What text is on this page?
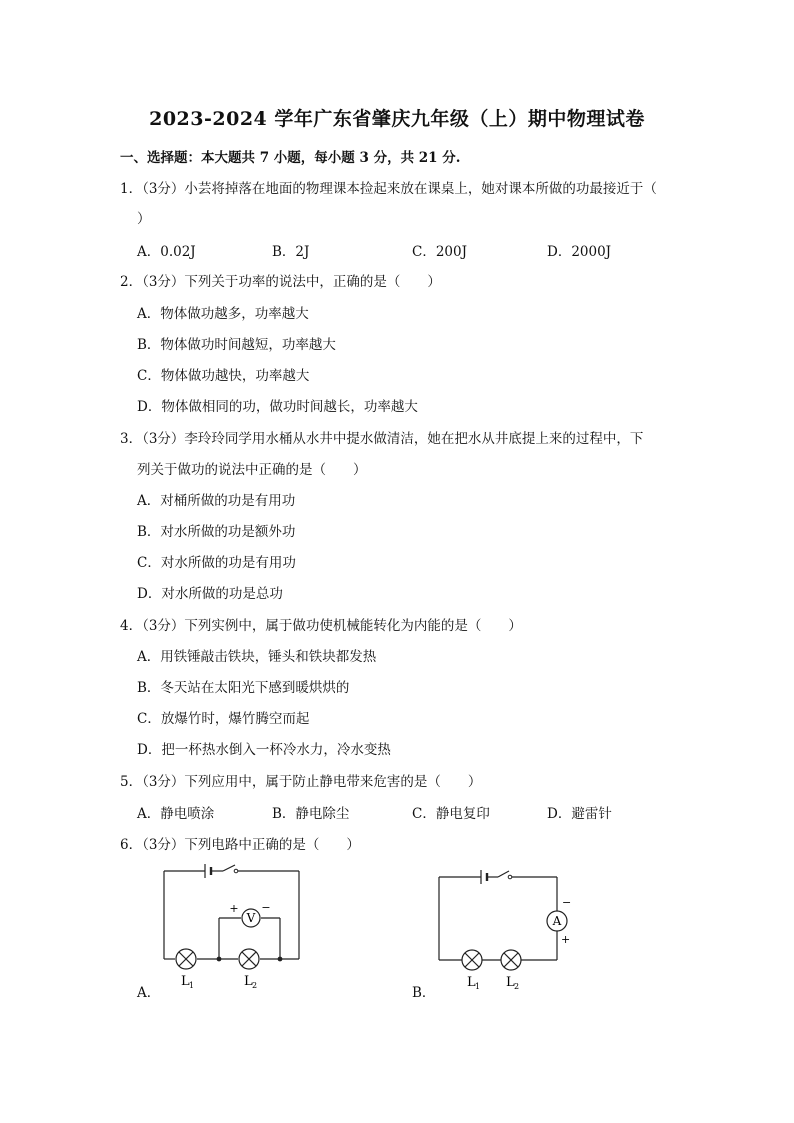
2023-2024 学年广东省肇庆九年级（上）期中物理试卷
一、选择题：本大题共 7 小题，每小题 3 分，共 21 分.
1．（3分）小芸将掉落在地面的物理课本捡起来放在课桌上，她对课本所做的功最接近于（
）
A．0.02J	B．2J	C．200J	D．2000J
2．（3分）下列关于功率的说法中，正确的是（　　）
A．物体做功越多，功率越大
B．物体做功时间越短，功率越大
C．物体做功越快，功率越大
D．物体做相同的功，做功时间越长，功率越大
3．（3分）李玲玲同学用水桶从水井中提水做清洁，她在把水从井底提上来的过程中，下
列关于做功的说法中正确的是（　　）
A．对桶所做的功是有用功
B．对水所做的功是额外功
C．对水所做的功是有用功
D．对水所做的功是总功
4．（3分）下列实例中，属于做功使机械能转化为内能的是（　　）
A．用铁锤敲击铁块，锤头和铁块都发热
B．冬天站在太阳光下感到暖烘烘的
C．放爆竹时，爆竹腾空而起
D．把一杯热水倒入一杯冷水力，冷水变热
5．（3分）下列应用中，属于防止静电带来危害的是（　　）
A．静电喷涂	B．静电除尘	C．静电复印	D．避雷针
6．（3分）下列电路中正确的是（　　）
A．	B．
V
+ −
L 1	L 2
A
−
+
L 1 L 2
